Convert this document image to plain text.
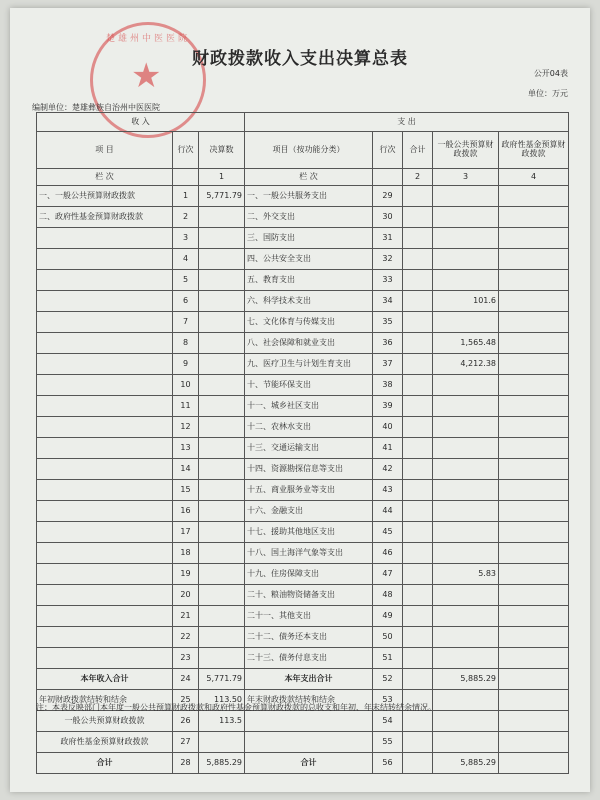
楚雄州中医医院
★	财政拨款收入支出决算总表
公开04表
单位：万元
编制单位：楚雄彝族自治州中医医院
收 入			支 出				
项 目	行次	决算数	项目（按功能分类）	行次	合计	一般公共预算财政拨款	政府性基金预算财政拨款
栏 次		1	栏 次		2	3	4
一、一般公共预算财政拨款	1	5,771.79	一、一般公共服务支出	29			
二、政府性基金预算财政拨款	2		二、外交支出	30			
	3		三、国防支出	31			
	4		四、公共安全支出	32			
	5		五、教育支出	33			
	6		六、科学技术支出	34		101.6	
	7		七、文化体育与传媒支出	35			
	8		八、社会保障和就业支出	36		1,565.48	
	9		九、医疗卫生与计划生育支出	37		4,212.38	
	10		十、节能环保支出	38			
	11		十一、城乡社区支出	39			
	12		十二、农林水支出	40			
	13		十三、交通运输支出	41			
	14		十四、资源勘探信息等支出	42			
	15		十五、商业服务业等支出	43			
	16		十六、金融支出	44			
	17		十七、援助其他地区支出	45			
	18		十八、国土海洋气象等支出	46			
	19		十九、住房保障支出	47		5.83	
	20		二十、粮油物资储备支出	48			
	21		二十一、其他支出	49			
	22		二十二、债务还本支出	50			
	23		二十三、债务付息支出	51			
本年收入合计	24	5,771.79	本年支出合计	52		5,885.29	
年初财政拨款结转和结余	25	113.50	年末财政拨款结转和结余	53			
一般公共预算财政拨款	26	113.5		54			
政府性基金预算财政拨款	27			55			
合计	28	5,885.29	合计	56		5,885.29	
注：本表反映部门本年度一般公共预算财政拨款和政府性基金预算财政拨款的总收支和年初、年末结转结余情况。
